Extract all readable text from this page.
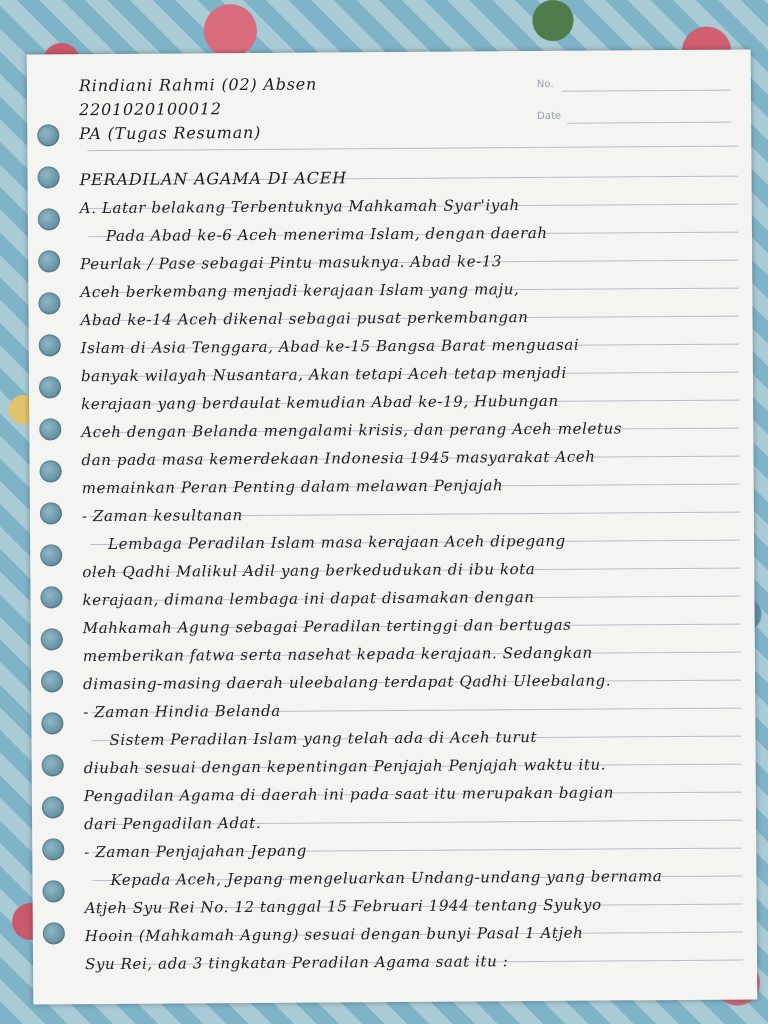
No.
Date
Rindiani Rahmi (02) Absen
2201020100012
PA (Tugas Resuman)
PERADILAN AGAMA DI ACEH
A. Latar belakang Terbentuknya Mahkamah Syar'iyah
Pada Abad ke-6 Aceh menerima Islam, dengan daerah
Peurlak / Pase sebagai Pintu masuknya. Abad ke-13
Aceh berkembang menjadi kerajaan Islam yang maju,
Abad ke-14 Aceh dikenal sebagai pusat perkembangan
Islam di Asia Tenggara, Abad ke-15 Bangsa Barat menguasai
banyak wilayah Nusantara, Akan tetapi Aceh tetap menjadi
kerajaan yang berdaulat kemudian Abad ke-19, Hubungan
Aceh dengan Belanda mengalami krisis, dan perang Aceh meletus
dan pada masa kemerdekaan Indonesia 1945 masyarakat Aceh
memainkan Peran Penting dalam melawan Penjajah
- Zaman kesultanan
Lembaga Peradilan Islam masa kerajaan Aceh dipegang
oleh Qadhi Malikul Adil yang berkedudukan di ibu kota
kerajaan, dimana lembaga ini dapat disamakan dengan
Mahkamah Agung sebagai Peradilan tertinggi dan bertugas
memberikan fatwa serta nasehat kepada kerajaan. Sedangkan
dimasing-masing daerah uleebalang terdapat Qadhi Uleebalang.
- Zaman Hindia Belanda
Sistem Peradilan Islam yang telah ada di Aceh turut
diubah sesuai dengan kepentingan Penjajah Penjajah waktu itu.
Pengadilan Agama di daerah ini pada saat itu merupakan bagian
dari Pengadilan Adat.
- Zaman Penjajahan Jepang
Kepada Aceh, Jepang mengeluarkan Undang-undang yang bernama
Atjeh Syu Rei No. 12 tanggal 15 Februari 1944 tentang Syukyo
Hooin (Mahkamah Agung) sesuai dengan bunyi Pasal 1 Atjeh
Syu Rei, ada 3 tingkatan Peradilan Agama saat itu :
